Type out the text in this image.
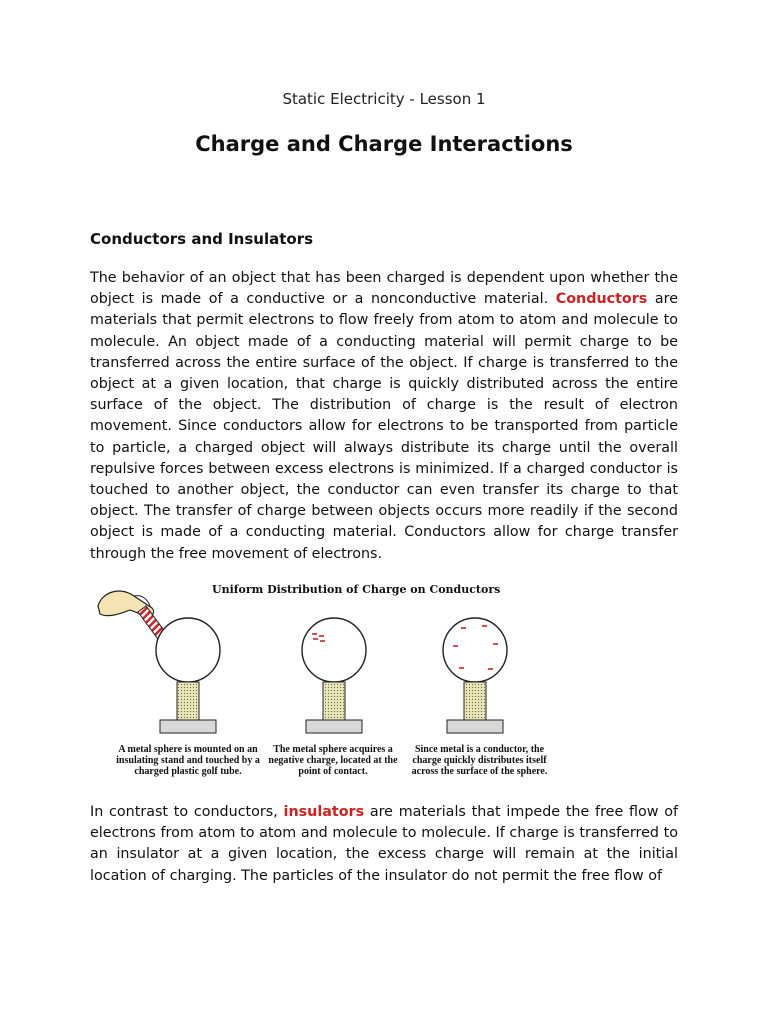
Static Electricity - Lesson 1
Charge and Charge Interactions
Conductors and Insulators
The behavior of an object that has been charged is dependent upon whether the object is made of a conductive or a nonconductive material. Conductors are materials that permit electrons to flow freely from atom to atom and molecule to molecule. An object made of a conducting material will permit charge to be transferred across the entire surface of the object. If charge is transferred to the object at a given location, that charge is quickly distributed across the entire surface of the object. The distribution of charge is the result of electron movement. Since conductors allow for electrons to be transported from particle to particle, a charged object will always distribute its charge until the overall repulsive forces between excess electrons is minimized. If a charged conductor is touched to another object, the conductor can even transfer its charge to that object. The transfer of charge between objects occurs more readily if the second object is made of a conducting material. Conductors allow for charge transfer through the free movement of electrons.
Uniform Distribution of Charge on Conductors
A metal sphere is mounted on an insulating stand and touched by a charged plastic golf tube.
The metal sphere acquires a negative charge, located at the point of contact.
Since metal is a conductor, the charge quickly distributes itself across the surface of the sphere.
In contrast to conductors, insulators are materials that impede the free flow of electrons from atom to atom and molecule to molecule. If charge is transferred to an insulator at a given location, the excess charge will remain at the initial location of charging. The particles of the insulator do not permit the free flow of
